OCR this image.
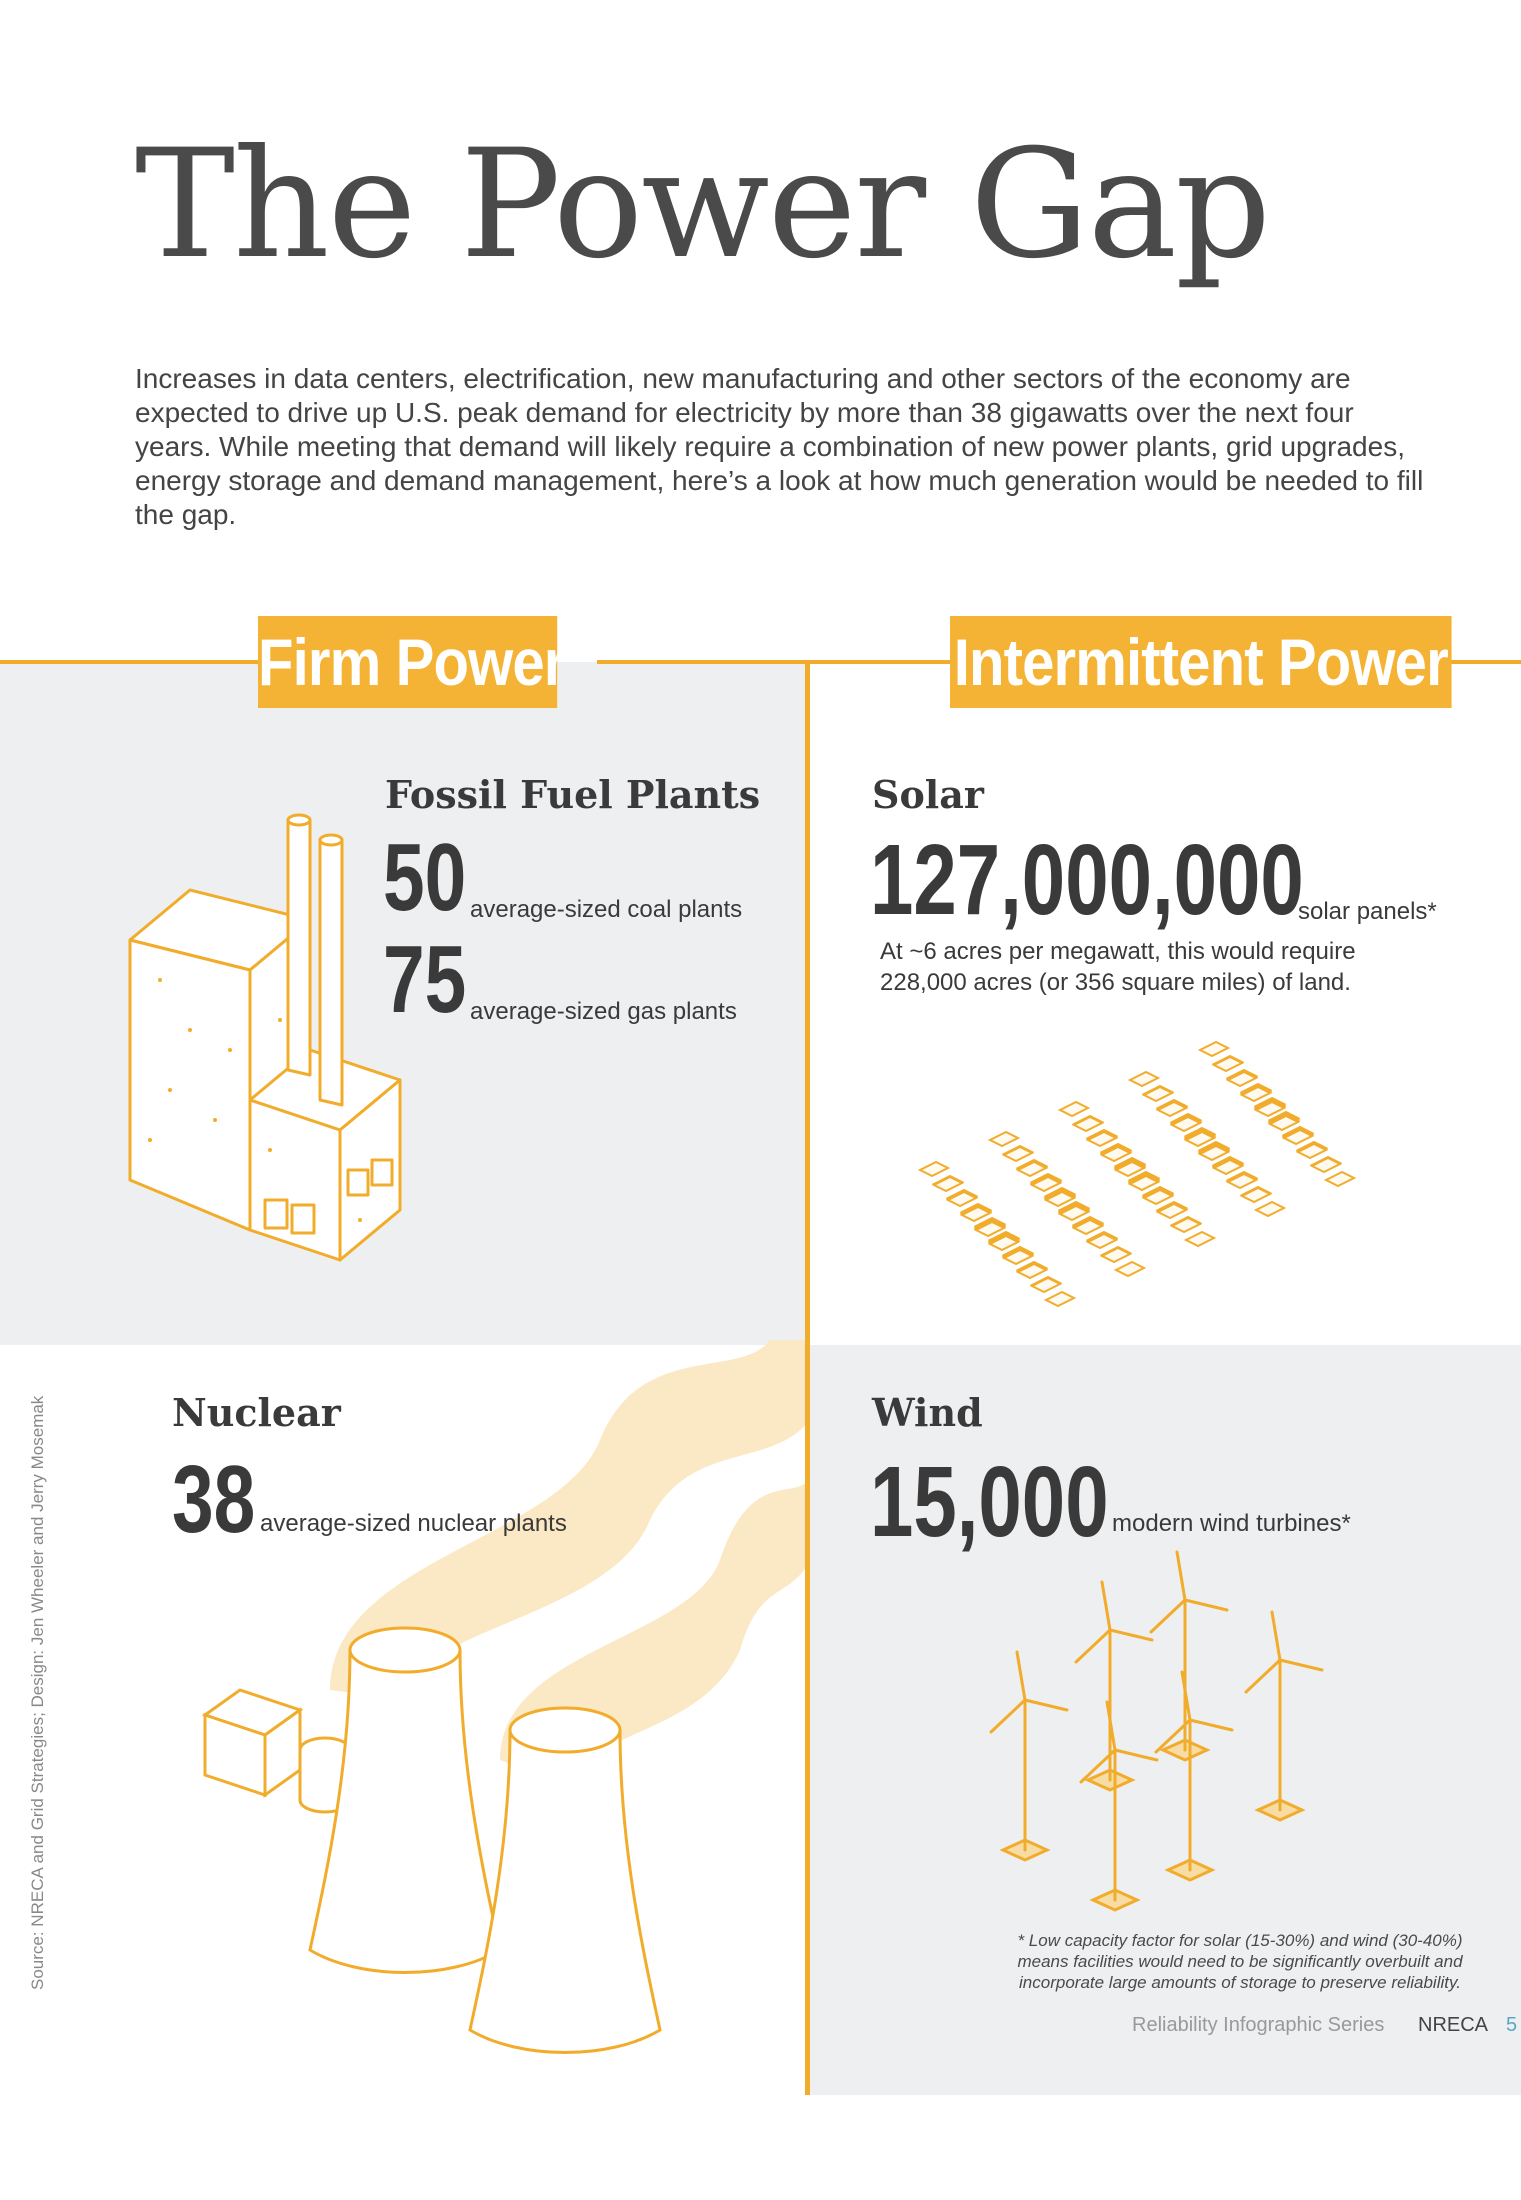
The Power Gap
Increases in data centers, electrification, new manufacturing and other sectors of the economy are expected to drive up U.S. peak demand for electricity by more than 38 gigawatts over the next four years. While meeting that demand will likely require a combination of new power plants, grid upgrades, energy storage and demand management, here’s a look at how much generation would be needed to fill the gap.
Firm Power	Intermittent Power
Fossil Fuel Plants
50 average-sized coal plants
75 average-sized gas plants
Solar
127,000,000
solar panels*
At ~6 acres per megawatt, this would require
228,000 acres (or 356 square miles) of land.
Nuclear
38 average-sized nuclear plants
Wind
15,000 modern wind turbines*
* Low capacity factor for solar (15-30%) and wind (30-40%)
means facilities would need to be significantly overbuilt and
incorporate large amounts of storage to preserve reliability.
Reliability Infographic Series NRECA 5
Source: NRECA and Grid Strategies; Design: Jen Wheeler and Jerry Mosemak
